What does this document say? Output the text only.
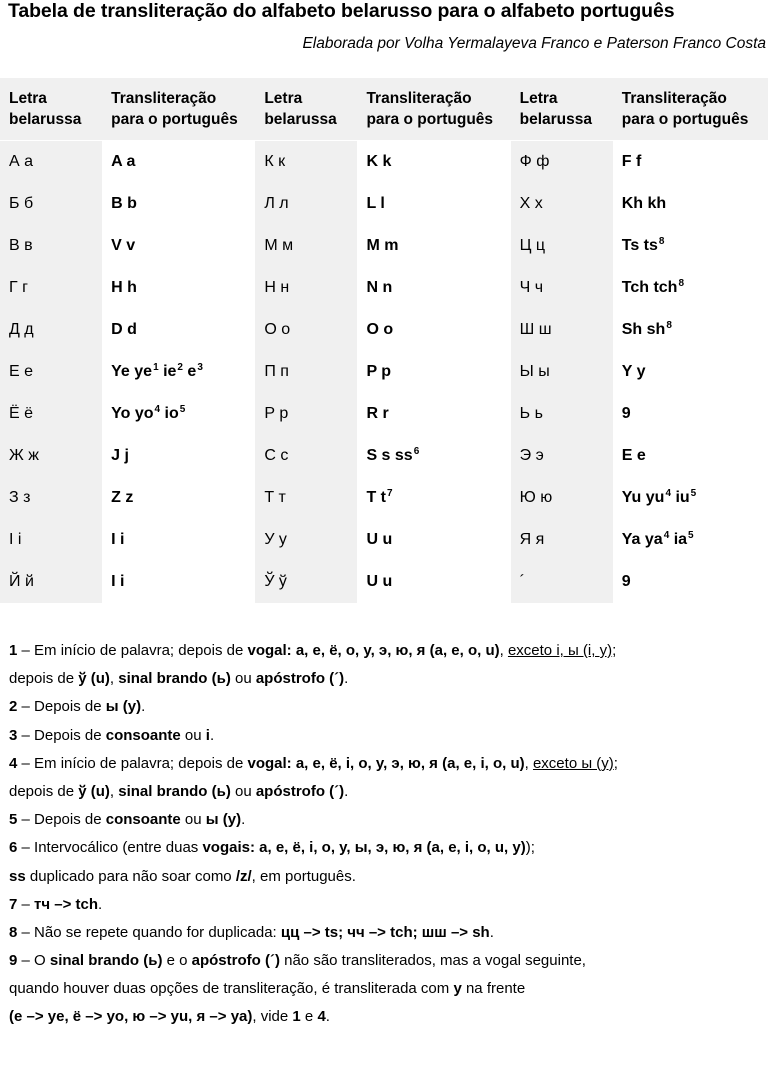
Tabela de transliteração do alfabeto belarusso para o alfabeto português
Elaborada por Volha Yermalayeva Franco e Paterson Franco Costa
Letra
belarussa	Transliteração
para o português	Letra
belarussa	Transliteração
para o português	Letra
belarussa	Transliteração
para o português
А а	A a	К к	K k	Ф ф	F f
Б б	B b	Л л	L l	Х х	Kh kh
В в	V v	М м	M m	Ц ц	Ts $ts^8$
Г г	H h	Н н	N n	Ч ч	Tch tch$^8$
Д д	D d	О о	O o	Ш ш	Sh $sh^8$
Е е	Ye $ye^1$ $ie^2$ $e^3$	П п	P p	Ы ы	Y y
Ё ё	Yo $yo^4$ $io^5$	Р р	R r	Ь ь	9
Ж ж	J j	С с	S s $ss^6$	Э э	E e
З з	Z z	Т т	T $t^7$	Ю ю	Yu $yu^4$ $iu^5$
І і	I i	У у	U u	Я я	Ya $ya^4$ $ia^5$
Й й	I i	Ў ў	U u	´	9
1 – Em início de palavra; depois de vogal: а, е, ё, о, у, э, ю, я (a, e, o, u), exceto і, ы (i, y);
depois de ў (u), sinal brando (ь) ou apóstrofo (´).
2 – Depois de ы (y).
3 – Depois de consoante ou і.
4 – Em início de palavra; depois de vogal: а, е, ё, і, о, у, э, ю, я (a, e, i, o, u), exceto ы (y);
depois de ў (u), sinal brando (ь) ou apóstrofo (´).
5 – Depois de consoante ou ы (y).
6 – Intervocálico (entre duas vogais: а, е, ё, і, о, у, ы, э, ю, я (a, e, i, o, u, y));
ss duplicado para não soar como /z/, em português.
7 – тч –> tch.
8 – Não se repete quando for duplicada: цц –> ts; чч –> tch; шш –> sh.
9 – O sinal brando (ь) e o apóstrofo (´) não são transliterados, mas a vogal seguinte,
quando houver duas opções de transliteração, é transliterada com y na frente
(е –> ye, ё –> yo, ю –> yu, я –> ya), vide 1 e 4.
